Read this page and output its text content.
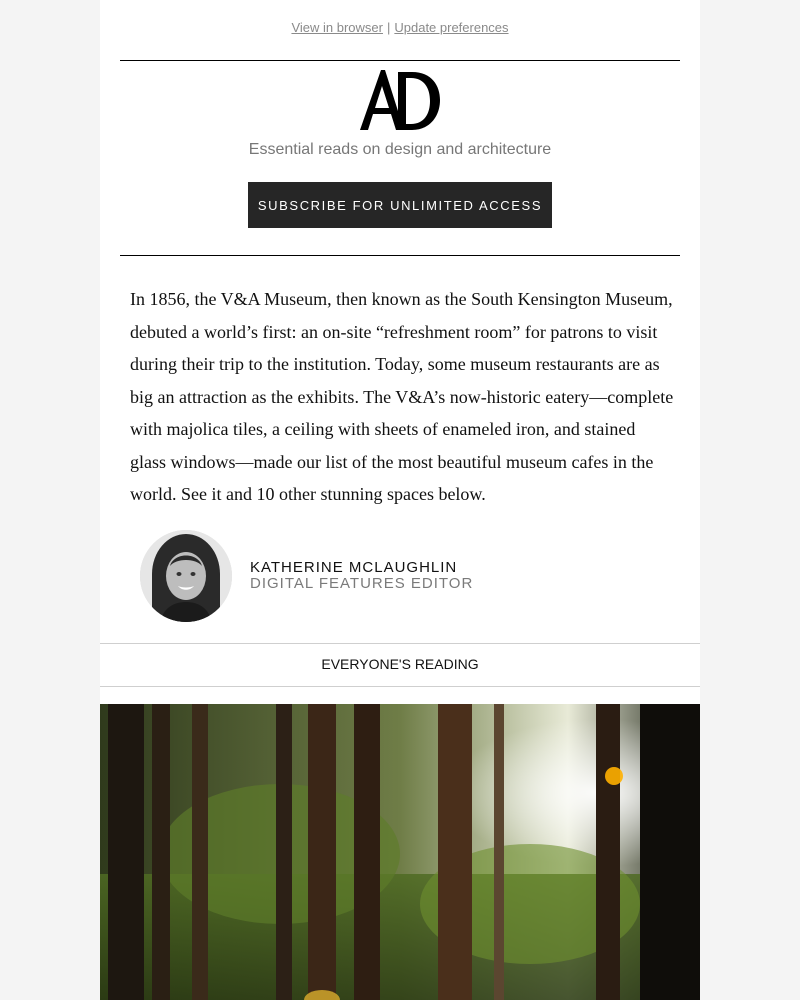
View in browser | Update preferences
Essential reads on design and architecture
SUBSCRIBE FOR UNLIMITED ACCESS

In 1856, the V&A Museum, then known as the South Kensington Museum, debuted a world’s first: an on-site “refreshment room” for patrons to visit during their trip to the institution. Today, some museum restaurants are as big an attraction as the exhibits. The V&A’s now-historic eatery—complete with majolica tiles, a ceiling with sheets of enameled iron, and stained glass windows—made our list of the most beautiful museum cafes in the world. See it and 10 other stunning spaces below.

KATHERINE MCLAUGHLIN
DIGITAL FEATURES EDITOR
EVERYONE'S READING
